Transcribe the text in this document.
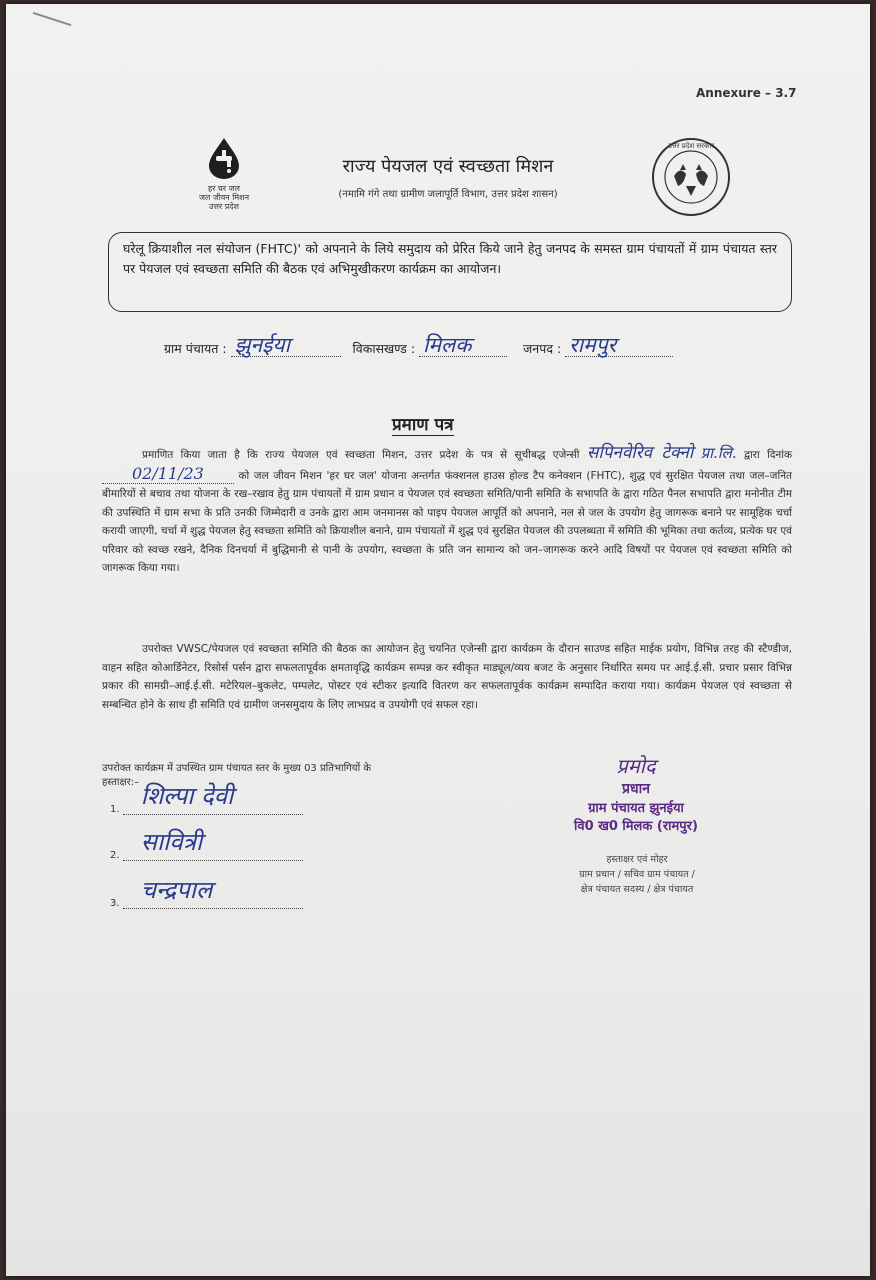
Annexure – 3.7
हर घर जल
जल जीवन मिशन
उत्तर प्रदेश
राज्य पेयजल एवं स्वच्छता मिशन
(नमामि गंगे तथा ग्रामीण जलापूर्ति विभाग, उत्तर प्रदेश शासन)
उत्तर प्रदेश सरकार
घरेलू क्रियाशील नल संयोजन (FHTC)' को अपनाने के लिये समुदाय को प्रेरित किये जाने हेतु जनपद के समस्त ग्राम पंचायतों में ग्राम पंचायत स्तर पर पेयजल एवं स्वच्छता समिति की बैठक एवं अभिमुखीकरण कार्यक्रम का आयोजन।
ग्राम पंचायत : झुनईया	विकासखण्ड : मिलक	जनपद : रामपुर
प्रमाण पत्र
प्रमाणित किया जाता है कि राज्य पेयजल एवं स्वच्छता मिशन, उत्तर प्रदेश के पत्र से सूचीबद्ध एजेन्सी सपिनवेरिव टेक्नो प्रा.लि. द्वारा दिनांक 02/11/23	को जल जीवन मिशन 'हर घर जल' योजना अन्तर्गत फंक्शनल हाउस होल्ड टैप कनेक्शन (FHTC), शुद्ध एवं सुरक्षित पेयजल तथा जल–जनित बीमारियों से बचाव तथा योजना के रख–रखाव हेतु ग्राम पंचायतों में ग्राम प्रधान व पेयजल एवं स्वच्छता समिति/पानी समिति के सभापति के द्वारा गठित पैनल सभापति द्वारा मनोनीत टीम की उपस्थिति में ग्राम सभा के प्रति उनकी जिम्मेदारी व उनके द्वारा आम जनमानस को पाइप पेयजल आपूर्ति को अपनाने, नल से जल के उपयोग हेतु जागरूक बनाने पर सामूहिक चर्चा करायी जाएगी, चर्चा में शुद्ध पेयजल हेतु स्वच्छता समिति को क्रियाशील बनाने, ग्राम पंचायतों में शुद्ध एवं सुरक्षित पेयजल की उपलब्धता में समिति की भूमिका तथा कर्तव्य, प्रत्येक घर एवं परिवार को स्वच्छ रखने, दैनिक दिनचर्या में बुद्धिमानी से पानी के उपयोग, स्वच्छता के प्रति जन सामान्य को जन–जागरूक करने आदि विषयों पर पेयजल एवं स्वच्छता समिति को जागरूक किया गया।
उपरोक्त VWSC/पेयजल एवं स्वच्छता समिति की बैठक का आयोजन हेतु चयनित एजेन्सी द्वारा कार्यक्रम के दौरान साउण्ड सहित माईक प्रयोग, विभिन्न तरह की स्टैण्डीज, वाहन सहित कोआर्डिनेटर, रिसोर्स पर्सन द्वारा सफलतापूर्वक क्षमतावृद्धि कार्यक्रम सम्पन्न कर स्वीकृत माड्यूल/व्यय बजट के अनुसार निर्धारित समय पर आई.ई.सी. प्रचार प्रसार विभिन्न प्रकार की सामग्री–आई.ई.सी. मटेरियल–बुकलेट, पम्पलेट, पोस्टर एवं स्टीकर इत्यादि वितरण कर सफलतापूर्वक कार्यक्रम सम्पादित कराया गया। कार्यक्रम पेयजल एवं स्वच्छता से सम्बन्धित होने के साथ ही समिति एवं ग्रामीण जनसमुदाय के लिए लाभप्रद व उपयोगी एवं सफल रहा।
उपरोक्त कार्यक्रम में उपस्थित ग्राम पंचायत स्तर के मुख्य 03 प्रतिभागियों के
हस्ताक्षर:–
1. शिल्पा देवी
2. सावित्री
3. चन्द्रपाल
प्रमोद
प्रधान
ग्राम पंचायत झुनईया
वि0 ख0 मिलक (रामपुर)
हस्ताक्षर एवं मोहर
ग्राम प्रधान / सचिव ग्राम पंचायत /
क्षेत्र पंचायत सदस्य / क्षेत्र पंचायत
